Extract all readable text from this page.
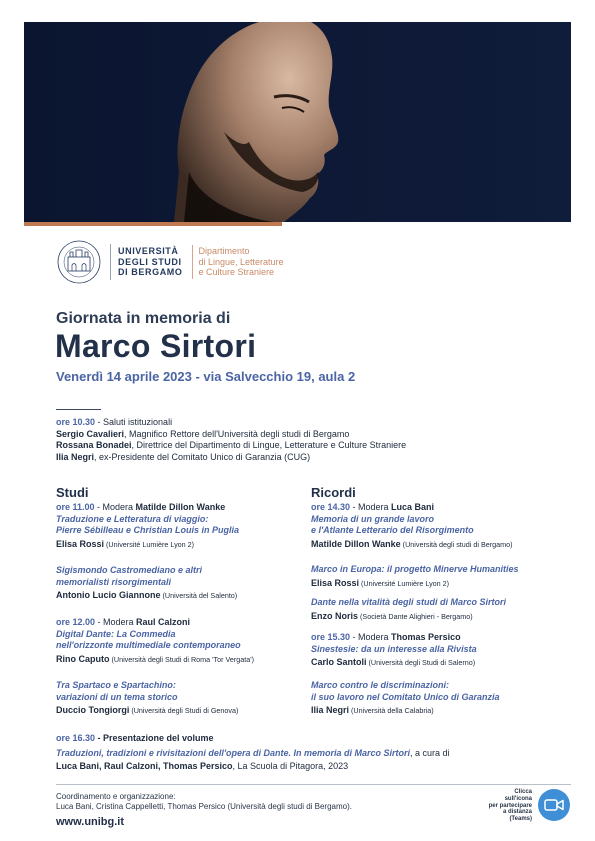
UNIVERSITÀ
DEGLI STUDI
DI BERGAMO
Dipartimento
di Lingue, Letterature
e Culture Straniere
Giornata in memoria di
Marco Sirtori
Venerdì 14 aprile 2023 - via Salvecchio 19, aula 2
ore 10.30 - Saluti istituzionali
Sergio Cavalieri, Magnifico Rettore dell'Università degli studi di Bergamo
Rossana Bonadei, Direttrice del Dipartimento di Lingue, Letterature e Culture Straniere
Ilia Negri, ex-Presidente del Comitato Unico di Garanzia (CUG)
Studi
ore 11.00 - Modera Matilde Dillon Wanke
Traduzione e Letteratura di viaggio:
Pierre Sébilleau e Christian Louis in Puglia
Elisa Rossi (Université Lumière Lyon 2)
Sigismondo Castromediano e altri
memorialisti risorgimentali
Antonio Lucio Giannone (Università del Salento)
ore 12.00 - Modera Raul Calzoni
Digital Dante: La Commedia
nell'orizzonte multimediale contemporaneo
Rino Caputo (Università degli Studi di Roma 'Tor Vergata')
Tra Spartaco e Spartachino:
variazioni di un tema storico
Duccio Tongiorgi (Università degli Studi di Genova)
Ricordi
ore 14.30 - Modera Luca Bani
Memoria di un grande lavoro
e l'Atlante Letterario del Risorgimento
Matilde Dillon Wanke (Università degli studi di Bergamo)
Marco in Europa: il progetto Minerve Humanities
Elisa Rossi (Université Lumière Lyon 2)
Dante nella vitalità degli studi di Marco Sirtori
Enzo Noris (Società Dante Alighieri - Bergamo)
ore 15.30 - Modera Thomas Persico
Sinestesie: da un interesse alla Rivista
Carlo Santoli (Università degli Studi di Salerno)
Marco contro le discriminazioni:
il suo lavoro nel Comitato Unico di Garanzia
Ilia Negri (Università della Calabria)
ore 16.30 - Presentazione del volume
Traduzioni, tradizioni e rivisitazioni dell'opera di Dante. In memoria di Marco Sirtori, a cura di
Luca Bani, Raul Calzoni, Thomas Persico, La Scuola di Pitagora, 2023
Coordinamento e organizzazione:
Luca Bani, Cristina Cappelletti, Thomas Persico (Università degli studi di Bergamo).
www.unibg.it
Clicca
sull'icona
per partecipare
a distanza
(Teams)
